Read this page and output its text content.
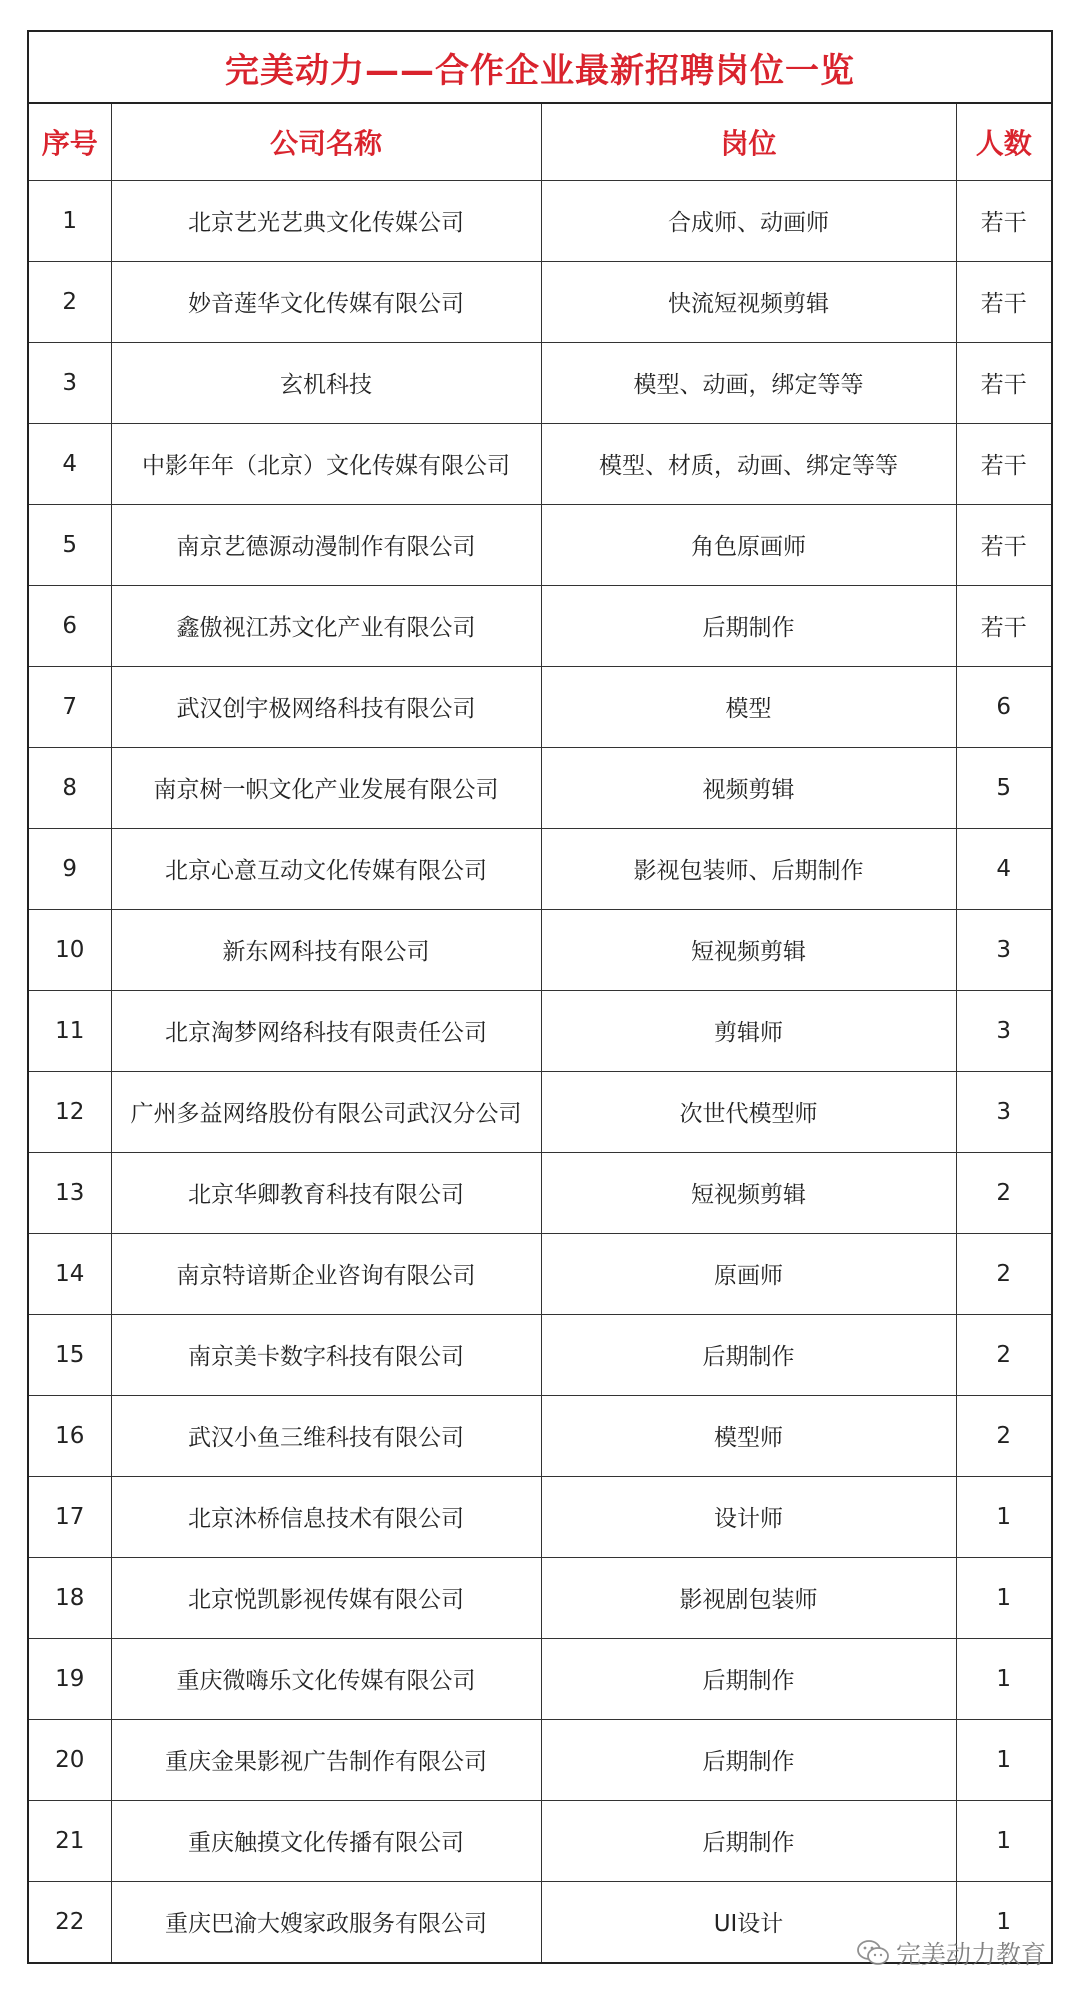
完美动力——合作企业最新招聘岗位一览
序号	公司名称	岗位	人数
1	北京艺光艺典文化传媒公司	合成师、动画师	若干
2	妙音莲华文化传媒有限公司	快流短视频剪辑	若干
3	玄机科技	模型、动画，绑定等等	若干
4	中影年年（北京）文化传媒有限公司	模型、材质，动画、绑定等等	若干
5	南京艺德源动漫制作有限公司	角色原画师	若干
6	鑫傲视江苏文化产业有限公司	后期制作	若干
7	武汉创宇极网络科技有限公司	模型	6
8	南京树一帜文化产业发展有限公司	视频剪辑	5
9	北京心意互动文化传媒有限公司	影视包装师、后期制作	4
10	新东网科技有限公司	短视频剪辑	3
11	北京淘梦网络科技有限责任公司	剪辑师	3
12	广州多益网络股份有限公司武汉分公司	次世代模型师	3
13	北京华卿教育科技有限公司	短视频剪辑	2
14	南京特谙斯企业咨询有限公司	原画师	2
15	南京美卡数字科技有限公司	后期制作	2
16	武汉小鱼三维科技有限公司	模型师	2
17	北京沐桥信息技术有限公司	设计师	1
18	北京悦凯影视传媒有限公司	影视剧包装师	1
19	重庆微嗨乐文化传媒有限公司	后期制作	1
20	重庆金果影视广告制作有限公司	后期制作	1
21	重庆触摸文化传播有限公司	后期制作	1
22	重庆巴渝大嫂家政服务有限公司	UI设计	1
完美动力教育
